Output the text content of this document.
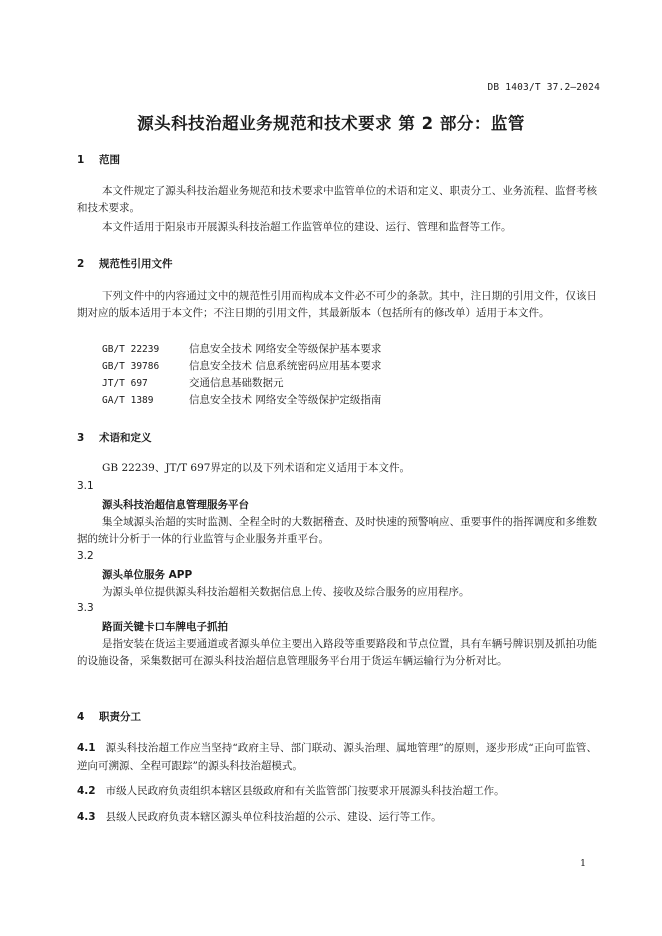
DB 1403/T 37.2—2024
源头科技治超业务规范和技术要求 第 2 部分：监管
1 范围
本文件规定了源头科技治超业务规范和技术要求中监管单位的术语和定义、职责分工、业务流程、监督考核和技术要求。
本文件适用于阳泉市开展源头科技治超工作监管单位的建设、运行、管理和监督等工作。
2 规范性引用文件
下列文件中的内容通过文中的规范性引用而构成本文件必不可少的条款。其中，注日期的引用文件，仅该日期对应的版本适用于本文件；不注日期的引用文件，其最新版本（包括所有的修改单）适用于本文件。
GB/T 22239	信息安全技术 网络安全等级保护基本要求
GB/T 39786	信息安全技术 信息系统密码应用基本要求
JT/T 697	交通信息基础数据元
GA/T 1389	信息安全技术 网络安全等级保护定级指南
3 术语和定义
GB 22239、JT/T 697界定的以及下列术语和定义适用于本文件。
3.1
源头科技治超信息管理服务平台
集全域源头治超的实时监测、全程全时的大数据稽查、及时快速的预警响应、重要事件的指挥调度和多维数据的统计分析于一体的行业监管与企业服务并重平台。
3.2
源头单位服务 APP
为源头单位提供源头科技治超相关数据信息上传、接收及综合服务的应用程序。
3.3
路面关键卡口车牌电子抓拍
是指安装在货运主要通道或者源头单位主要出入路段等重要路段和节点位置，具有车辆号牌识别及抓拍功能的设施设备，采集数据可在源头科技治超信息管理服务平台用于货运车辆运输行为分析对比。
4 职责分工
4.1 源头科技治超工作应当坚持“政府主导、部门联动、源头治理、属地管理”的原则，逐步形成“正向可监管、逆向可溯源、全程可跟踪”的源头科技治超模式。
4.2 市级人民政府负责组织本辖区县级政府和有关监管部门按要求开展源头科技治超工作。
4.3 县级人民政府负责本辖区源头单位科技治超的公示、建设、运行等工作。
1
